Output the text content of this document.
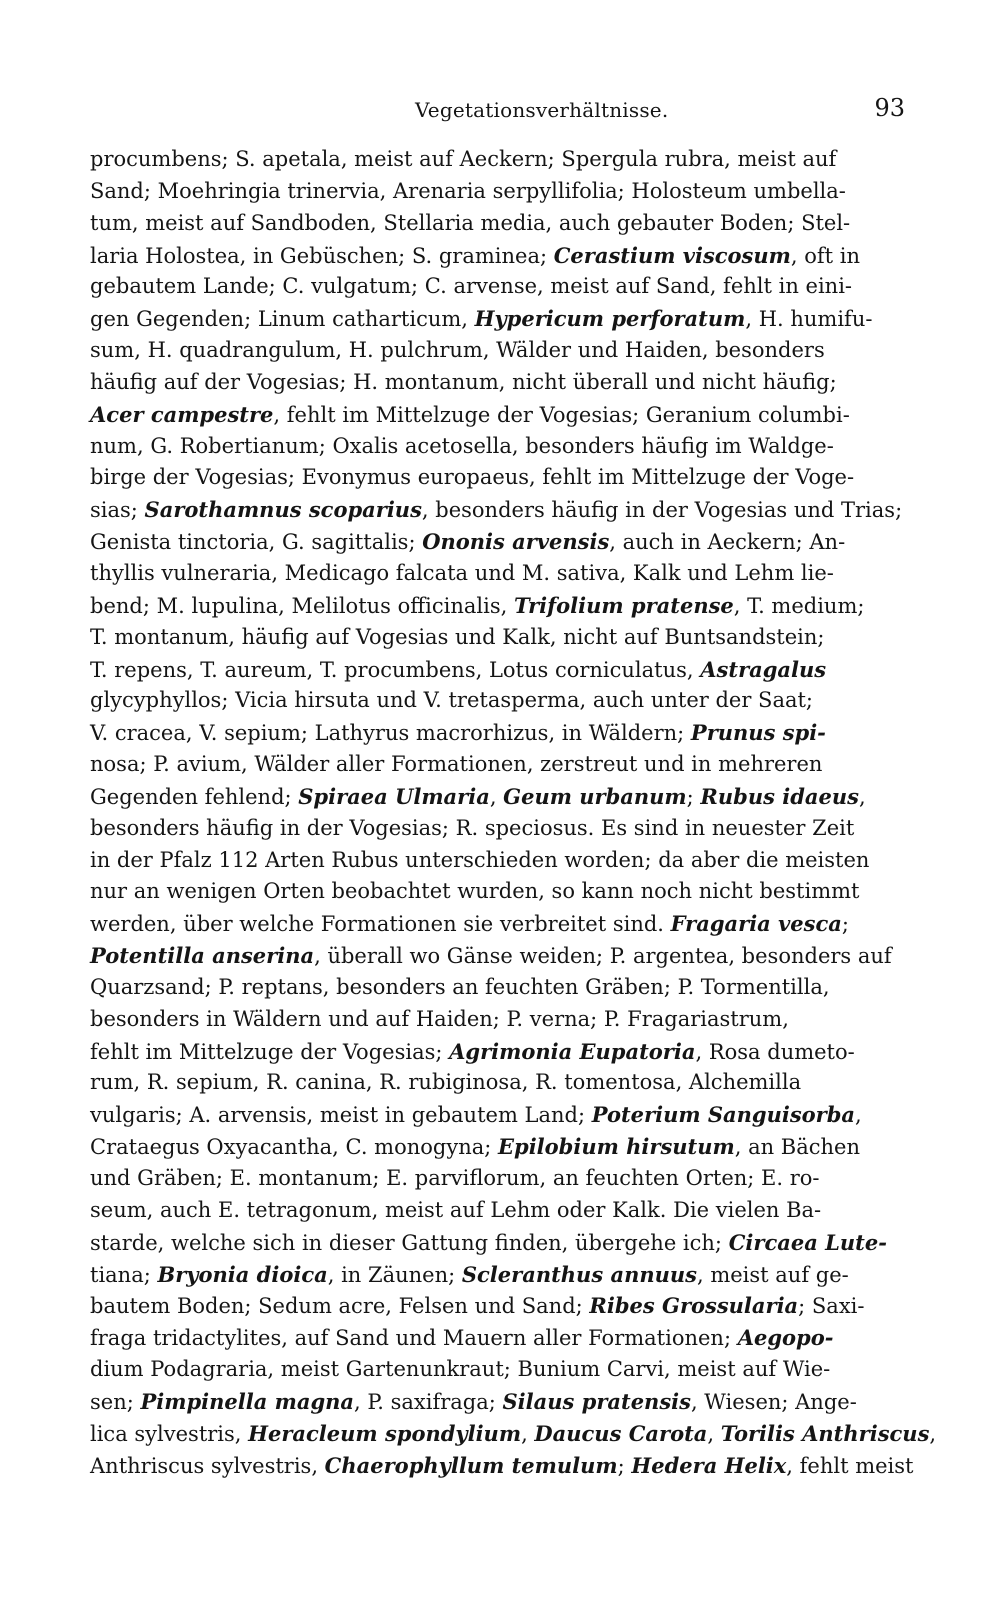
Vegetationsverhältnisse.	93
procumbens; S. apetala, meist auf Aeckern; Spergula rubra, meist auf
Sand; Moehringia trinervia, Arenaria serpyllifolia; Holosteum umbella-
tum, meist auf Sandboden, Stellaria media, auch gebauter Boden; Stel-
laria Holostea, in Gebüschen; S. graminea; Cerastium viscosum, oft in
gebautem Lande; C. vulgatum; C. arvense, meist auf Sand, fehlt in eini-
gen Gegenden; Linum catharticum, Hypericum perforatum, H. humifu-
sum, H. quadrangulum, H. pulchrum, Wälder und Haiden, besonders
häufig auf der Vogesias; H. montanum, nicht überall und nicht häufig;
Acer campestre, fehlt im Mittelzuge der Vogesias; Geranium columbi-
num, G. Robertianum; Oxalis acetosella, besonders häufig im Waldge-
birge der Vogesias; Evonymus europaeus, fehlt im Mittelzuge der Voge-
sias; Sarothamnus scoparius, besonders häufig in der Vogesias und Trias;
Genista tinctoria, G. sagittalis; Ononis arvensis, auch in Aeckern; An-
thyllis vulneraria, Medicago falcata und M. sativa, Kalk und Lehm lie-
bend; M. lupulina, Melilotus officinalis, Trifolium pratense, T. medium;
T. montanum, häufig auf Vogesias und Kalk, nicht auf Buntsandstein;
T. repens, T. aureum, T. procumbens, Lotus corniculatus, Astragalus
glycyphyllos; Vicia hirsuta und V. tretasperma, auch unter der Saat;
V. cracea, V. sepium; Lathyrus macrorhizus, in Wäldern; Prunus spi-
nosa; P. avium, Wälder aller Formationen, zerstreut und in mehreren
Gegenden fehlend; Spiraea Ulmaria, Geum urbanum; Rubus idaeus,
besonders häufig in der Vogesias; R. speciosus. Es sind in neuester Zeit
in der Pfalz 112 Arten Rubus unterschieden worden; da aber die meisten
nur an wenigen Orten beobachtet wurden, so kann noch nicht bestimmt
werden, über welche Formationen sie verbreitet sind. Fragaria vesca;
Potentilla anserina, überall wo Gänse weiden; P. argentea, besonders auf
Quarzsand; P. reptans, besonders an feuchten Gräben; P. Tormentilla,
besonders in Wäldern und auf Haiden; P. verna; P. Fragariastrum,
fehlt im Mittelzuge der Vogesias; Agrimonia Eupatoria, Rosa dumeto-
rum, R. sepium, R. canina, R. rubiginosa, R. tomentosa, Alchemilla
vulgaris; A. arvensis, meist in gebautem Land; Poterium Sanguisorba,
Crataegus Oxyacantha, C. monogyna; Epilobium hirsutum, an Bächen
und Gräben; E. montanum; E. parviflorum, an feuchten Orten; E. ro-
seum, auch E. tetragonum, meist auf Lehm oder Kalk. Die vielen Ba-
starde, welche sich in dieser Gattung finden, übergehe ich; Circaea Lute-
tiana; Bryonia dioica, in Zäunen; Scleranthus annuus, meist auf ge-
bautem Boden; Sedum acre, Felsen und Sand; Ribes Grossularia; Saxi-
fraga tridactylites, auf Sand und Mauern aller Formationen; Aegopo-
dium Podagraria, meist Gartenunkraut; Bunium Carvi, meist auf Wie-
sen; Pimpinella magna, P. saxifraga; Silaus pratensis, Wiesen; Ange-
lica sylvestris, Heracleum spondylium, Daucus Carota, Torilis Anthriscus,
Anthriscus sylvestris, Chaerophyllum temulum; Hedera Helix, fehlt meist
